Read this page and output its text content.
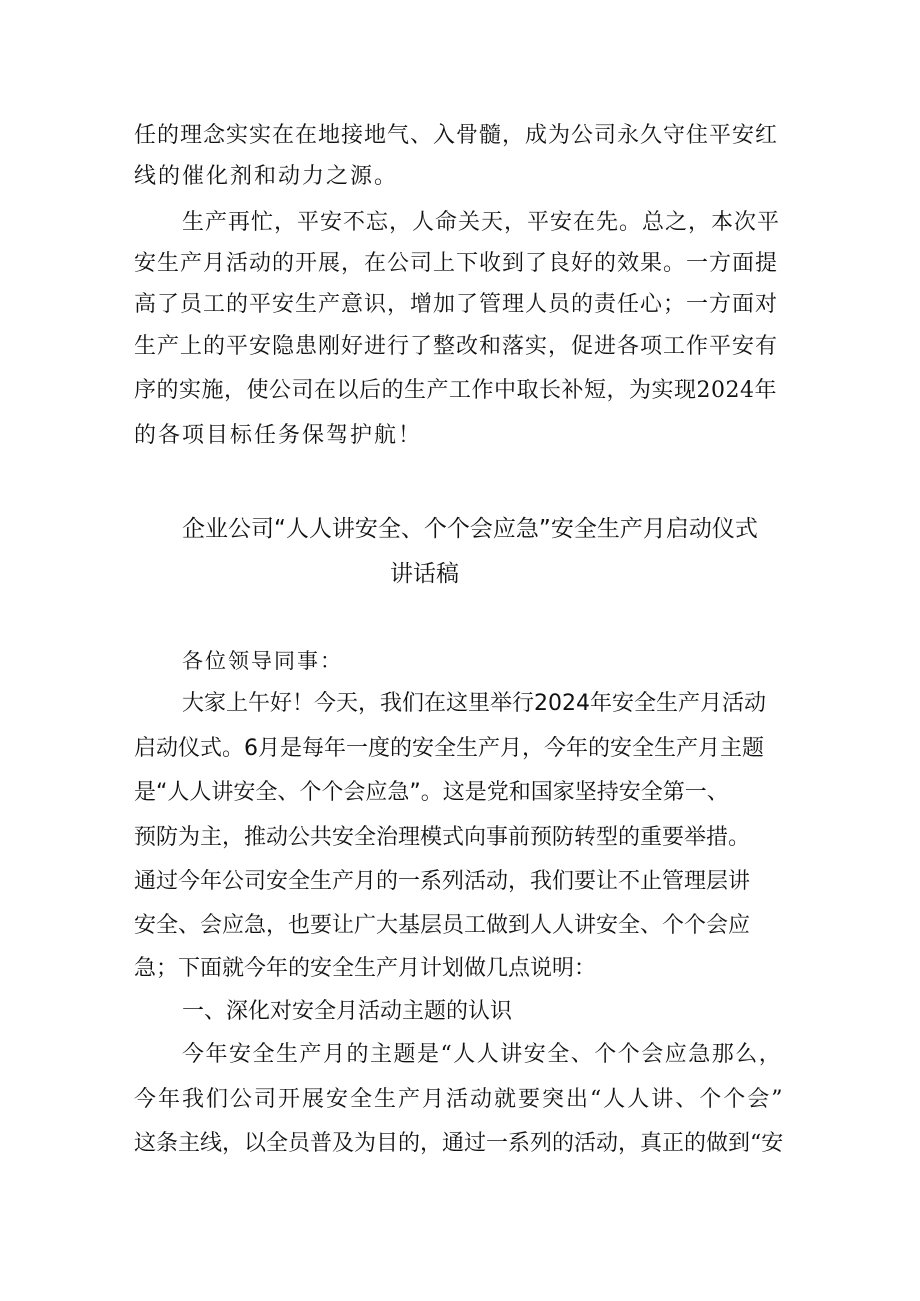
任的理念实实在在地接地气、入骨髓，成为公司永久守住平安红
线的催化剂和动力之源。
生产再忙，平安不忘，人命关天，平安在先。总之，本次平
安生产月活动的开展，在公司上下收到了良好的效果。一方面提
高了员工的平安生产意识，增加了管理人员的责任心；一方面对
生产上的平安隐患刚好进行了整改和落实，促进各项工作平安有
序的实施，使公司在以后的生产工作中取长补短，为实现2024年
的各项目标任务保驾护航！
企业公司“人人讲安全、个个会应急”安全生产月启动仪式
讲话稿
各位领导同事：
大家上午好！今天，我们在这里举行2024年安全生产月活动
启动仪式。6月是每年一度的安全生产月，今年的安全生产月主题
是“人人讲安全、个个会应急”。这是党和国家坚持安全第一、
预防为主，推动公共安全治理模式向事前预防转型的重要举措。
通过今年公司安全生产月的一系列活动，我们要让不止管理层讲
安全、会应急，也要让广大基层员工做到人人讲安全、个个会应
急；下面就今年的安全生产月计划做几点说明：
一、深化对安全月活动主题的认识
今年安全生产月的主题是“人人讲安全、个个会应急那么，
今年我们公司开展安全生产月活动就要突出“人人讲、个个会”
这条主线，以全员普及为目的，通过一系列的活动，真正的做到“安
